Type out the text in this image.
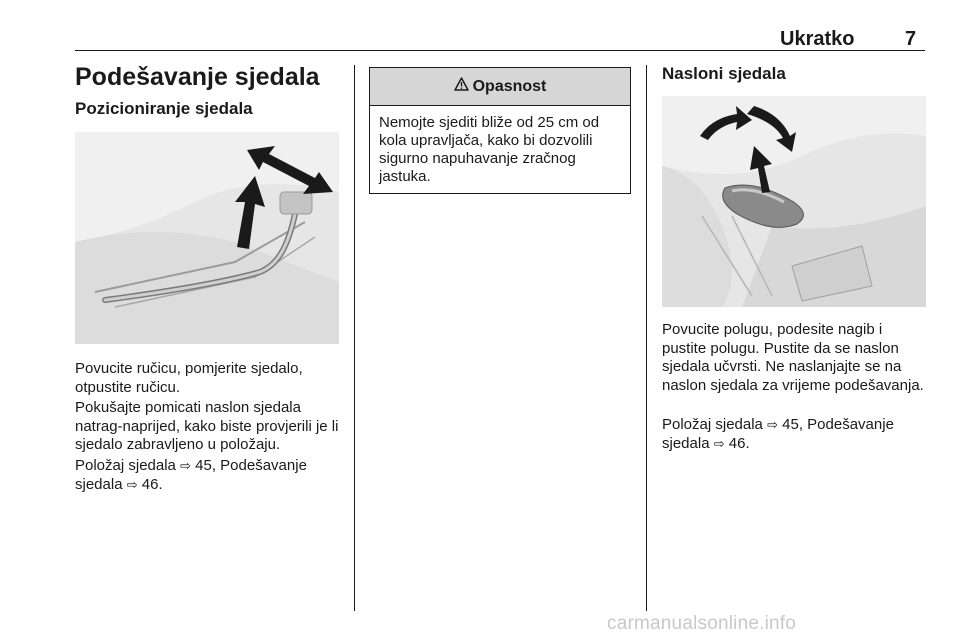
Ukratko	7
Podešavanje sjedala
Pozicioniranje sjedala

Povucite ručicu, pomjerite sjedalo, otpustite ručicu.

Pokušajte pomicati naslon sjedala natrag-naprijed, kako biste provjerili je li sjedalo zabravljeno u položaju.

Položaj sjedala ⇨ 45, Podešavanje sjedala ⇨ 46.

Opasnost
Nemojte sjediti bliže od 25 cm od kola upravljača, kako bi dozvolili sigurno napuhavanje zračnog jastuka.
Nasloni sjedala

Povucite polugu, podesite nagib i pustite polugu. Pustite da se naslon sjedala učvrsti. Ne naslanjajte se na naslon sjedala za vrijeme podešavanja.

Položaj sjedala ⇨ 45, Podešavanje sjedala ⇨ 46.

carmanualsonline.info
